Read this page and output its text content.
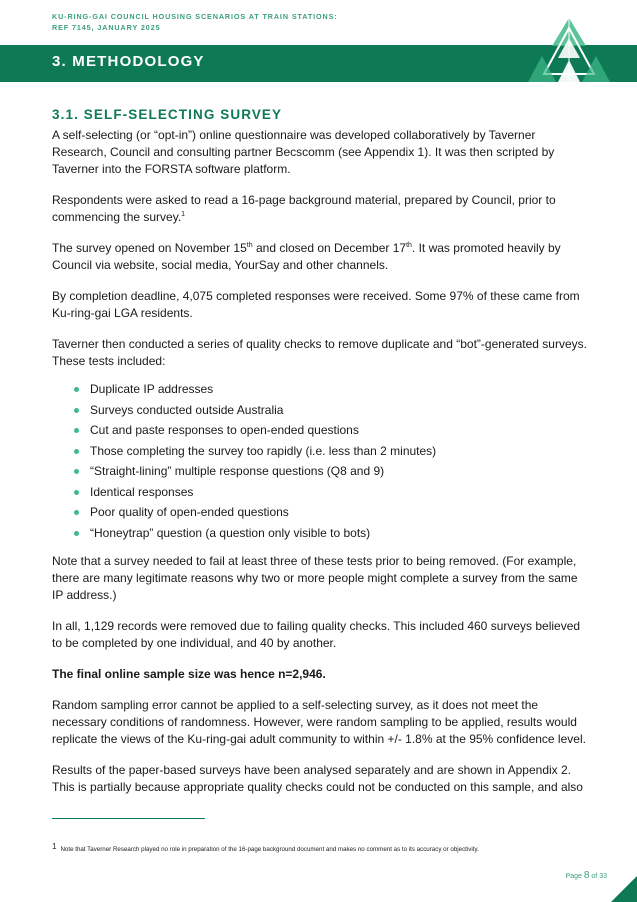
KU-RING-GAI COUNCIL HOUSING SCENARIOS AT TRAIN STATIONS: REF 7145, JANUARY 2025
3. METHODOLOGY
3.1. SELF-SELECTING SURVEY

A self-selecting (or “opt-in”) online questionnaire was developed collaboratively by Taverner Research, Council and consulting partner Becscomm (see Appendix 1). It was then scripted by Taverner into the FORSTA software platform.

Respondents were asked to read a 16-page background material, prepared by Council, prior to commencing the survey.$^1$

The survey opened on November 15th and closed on December 17th. It was promoted heavily by Council via website, social media, YourSay and other channels.

By completion deadline, 4,075 completed responses were received. Some 97% of these came from Ku-ring-gai LGA residents.

Taverner then conducted a series of quality checks to remove duplicate and “bot”-generated surveys. These tests included:

Duplicate IP addresses
Surveys conducted outside Australia
Cut and paste responses to open-ended questions
Those completing the survey too rapidly (i.e. less than 2 minutes)
“Straight-lining” multiple response questions (Q8 and 9)
Identical responses
Poor quality of open-ended questions
“Honeytrap” question (a question only visible to bots)

Note that a survey needed to fail at least three of these tests prior to being removed. (For example, there are many legitimate reasons why two or more people might complete a survey from the same IP address.)

In all, 1,129 records were removed due to failing quality checks. This included 460 surveys believed to be completed by one individual, and 40 by another.

The final online sample size was hence n=2,946.

Random sampling error cannot be applied to a self-selecting survey, as it does not meet the necessary conditions of randomness. However, were random sampling to be applied, results would replicate the views of the Ku-ring-gai adult community to within +/- 1.8% at the 95% confidence level.

Results of the paper-based surveys have been analysed separately and are shown in Appendix 2. This is partially because appropriate quality checks could not be conducted on this sample, and also

1 Note that Taverner Research played no role in preparation of the 16-page background document and makes no comment as to its accuracy or objectivity.
Page 8 of 33
